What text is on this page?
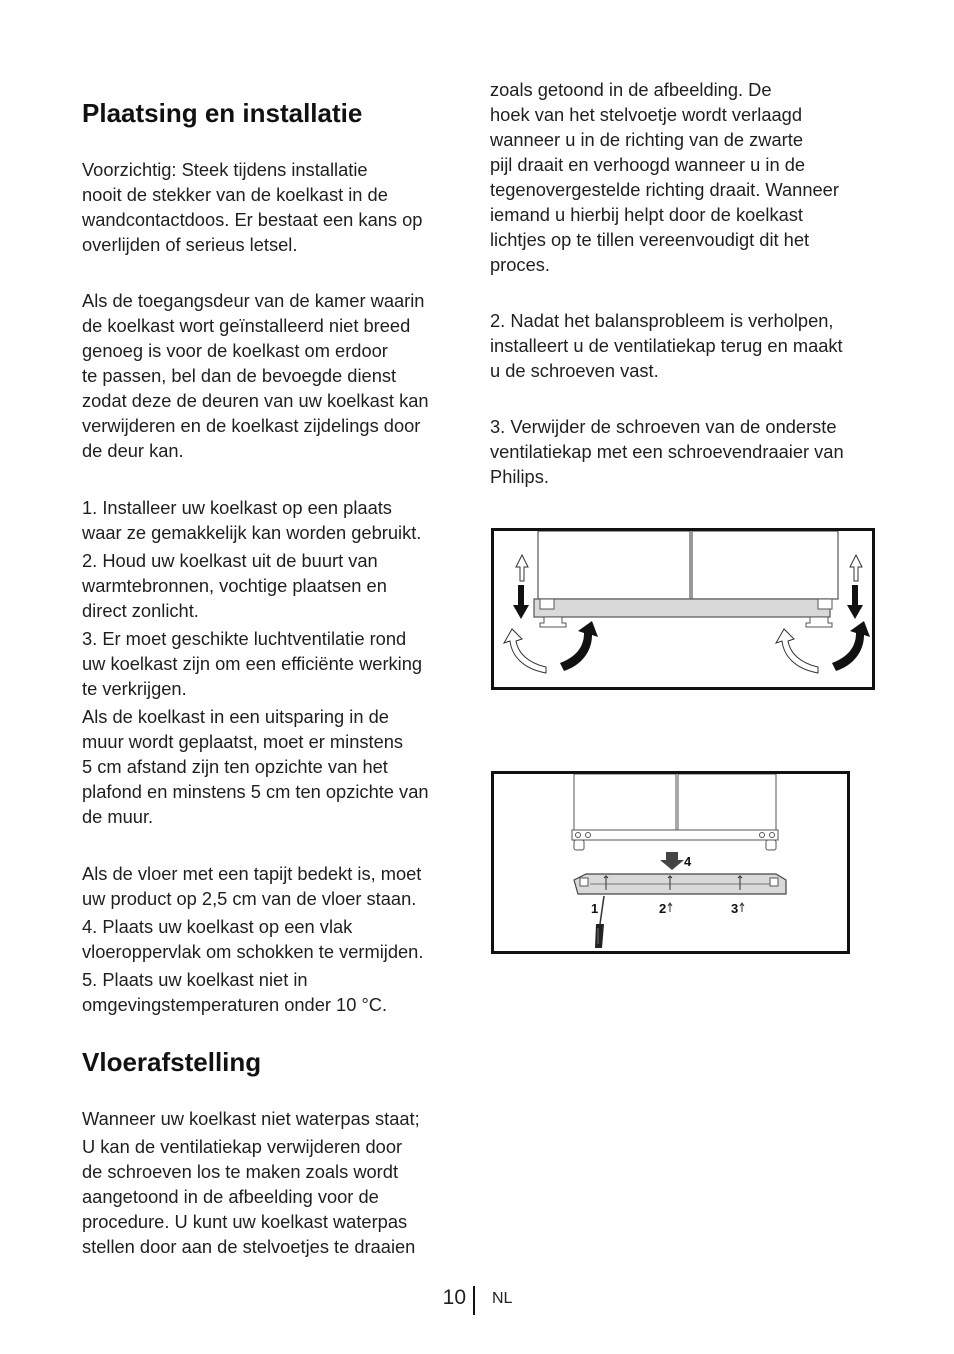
Plaatsing en installatie

Voorzichtig: Steek tijdens installatie
nooit de stekker van de koelkast in de
wandcontactdoos. Er bestaat een kans op
overlijden of serieus letsel.

Als de toegangsdeur van de kamer waarin
de koelkast wort geïnstalleerd niet breed
genoeg is voor de koelkast om erdoor
te passen, bel dan de bevoegde dienst
zodat deze de deuren van uw koelkast kan
verwijderen en de koelkast zijdelings door
de deur kan.

1. Installeer uw koelkast op een plaats
waar ze gemakkelijk kan worden gebruikt.

2. Houd uw koelkast uit de buurt van
warmtebronnen, vochtige plaatsen en
direct zonlicht.

3. Er moet geschikte luchtventilatie rond
uw koelkast zijn om een efficiënte werking
te verkrijgen.

Als de koelkast in een uitsparing in de
muur wordt geplaatst, moet er minstens
5 cm afstand zijn ten opzichte van het
plafond en minstens 5 cm ten opzichte van
de muur.

Als de vloer met een tapijt bedekt is, moet
uw product op 2,5 cm van de vloer staan.

4. Plaats uw koelkast op een vlak
vloeroppervlak om schokken te vermijden.

5. Plaats uw koelkast niet in
omgevingstemperaturen onder 10 °C.

Vloerafstelling

Wanneer uw koelkast niet waterpas staat;

U kan de ventilatiekap verwijderen door
de schroeven los te maken zoals wordt
aangetoond in de afbeelding voor de
procedure. U kunt uw koelkast waterpas
stellen door aan de stelvoetjes te draaien

zoals getoond in de afbeelding. De
hoek van het stelvoetje wordt verlaagd
wanneer u in de richting van de zwarte
pijl draait en verhoogd wanneer u in de
tegenovergestelde richting draait. Wanneer
iemand u hierbij helpt door de koelkast
lichtjes op te tillen vereenvoudigt dit het
proces.

2. Nadat het balansprobleem is verholpen,
installeert u de ventilatiekap terug en maakt
u de schroeven vast.

3. Verwijder de schroeven van de onderste
ventilatiekap met een schroevendraaier van
Philips.

4
1	2	3
10 NL
